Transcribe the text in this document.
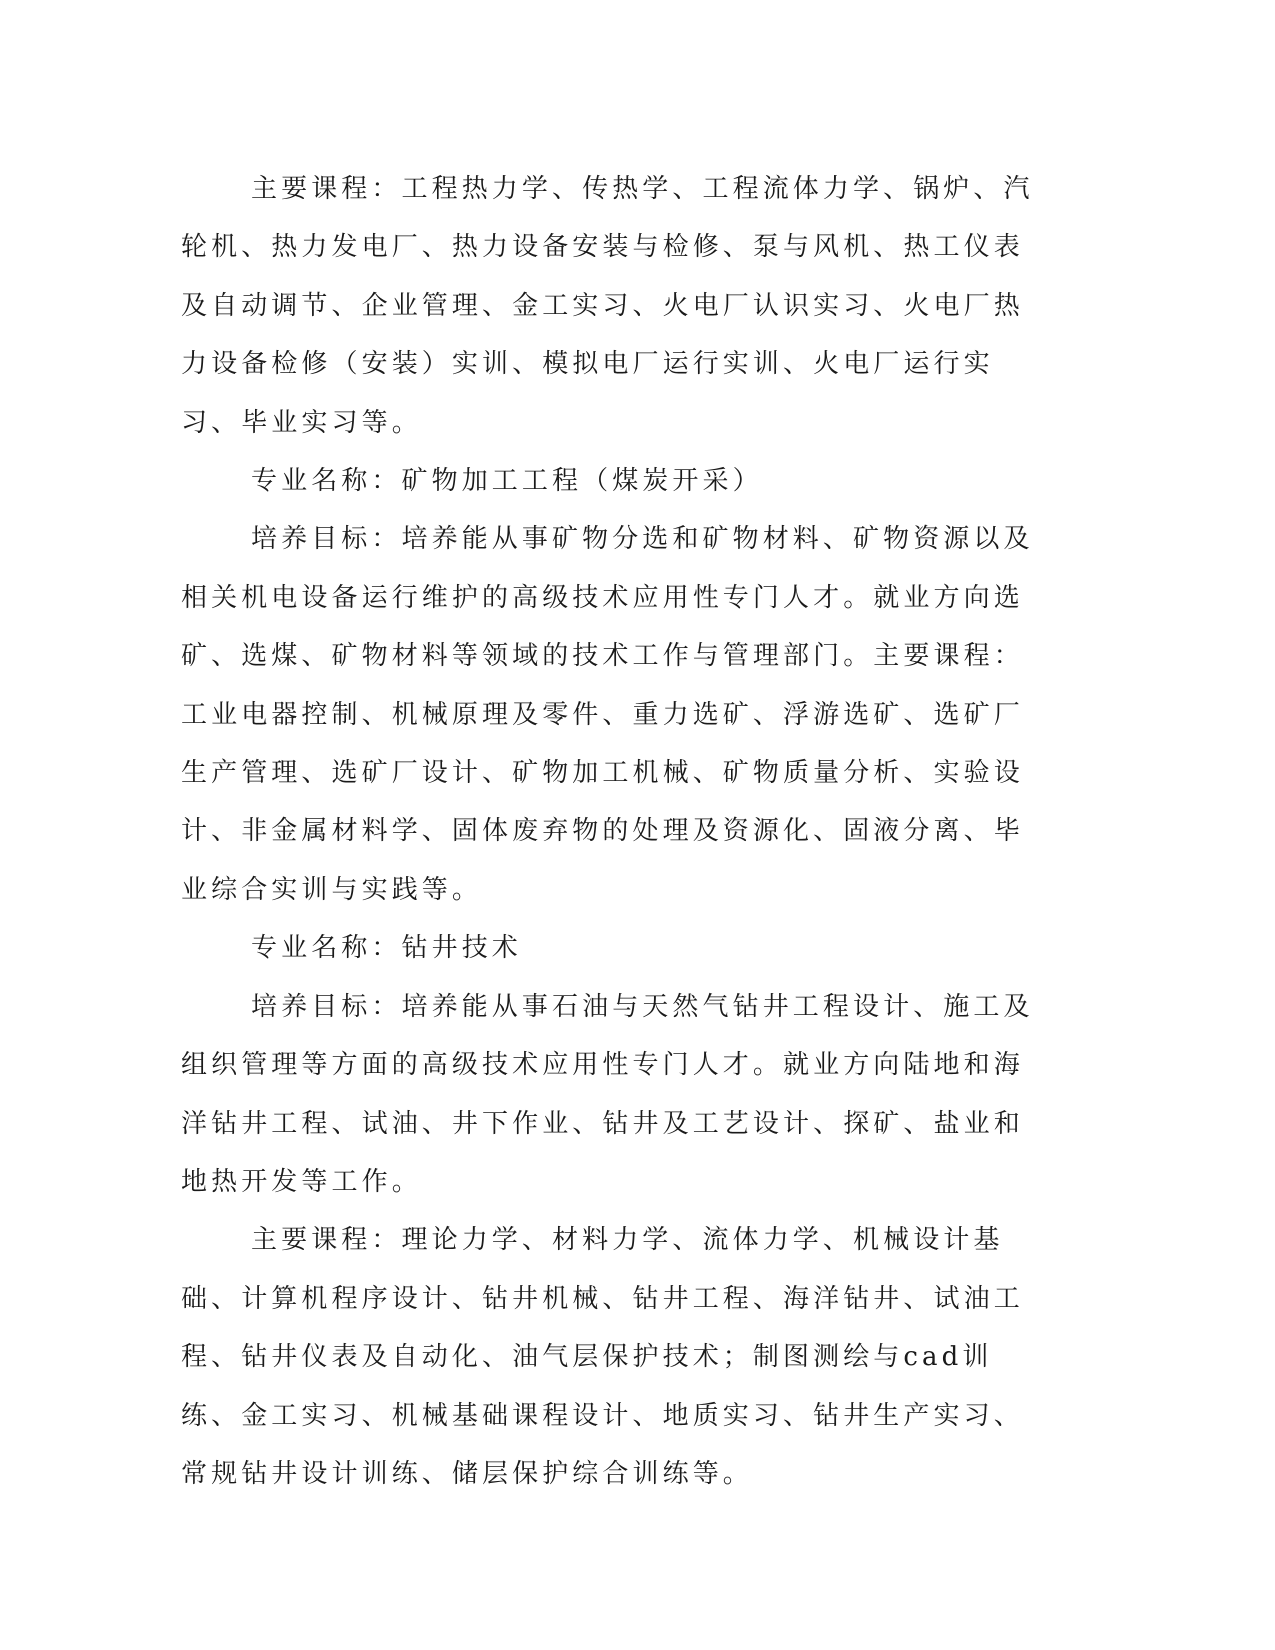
主要课程：工程热力学、传热学、工程流体力学、锅炉、汽轮机、热力发电厂、热力设备安装与检修、泵与风机、热工仪表及自动调节、企业管理、金工实习、火电厂认识实习、火电厂热力设备检修（安装）实训、模拟电厂运行实训、火电厂运行实习、毕业实习等。

专业名称：矿物加工工程（煤炭开采）

培养目标：培养能从事矿物分选和矿物材料、矿物资源以及相关机电设备运行维护的高级技术应用性专门人才。就业方向选矿、选煤、矿物材料等领域的技术工作与管理部门。主要课程：工业电器控制、机械原理及零件、重力选矿、浮游选矿、选矿厂生产管理、选矿厂设计、矿物加工机械、矿物质量分析、实验设计、非金属材料学、固体废弃物的处理及资源化、固液分离、毕业综合实训与实践等。

专业名称：钻井技术

培养目标：培养能从事石油与天然气钻井工程设计、施工及组织管理等方面的高级技术应用性专门人才。就业方向陆地和海洋钻井工程、试油、井下作业、钻井及工艺设计、探矿、盐业和地热开发等工作。

主要课程：理论力学、材料力学、流体力学、机械设计基础、计算机程序设计、钻井机械、钻井工程、海洋钻井、试油工程、钻井仪表及自动化、油气层保护技术；制图测绘与cad训练、金工实习、机械基础课程设计、地质实习、钻井生产实习、常规钻井设计训练、储层保护综合训练等。
